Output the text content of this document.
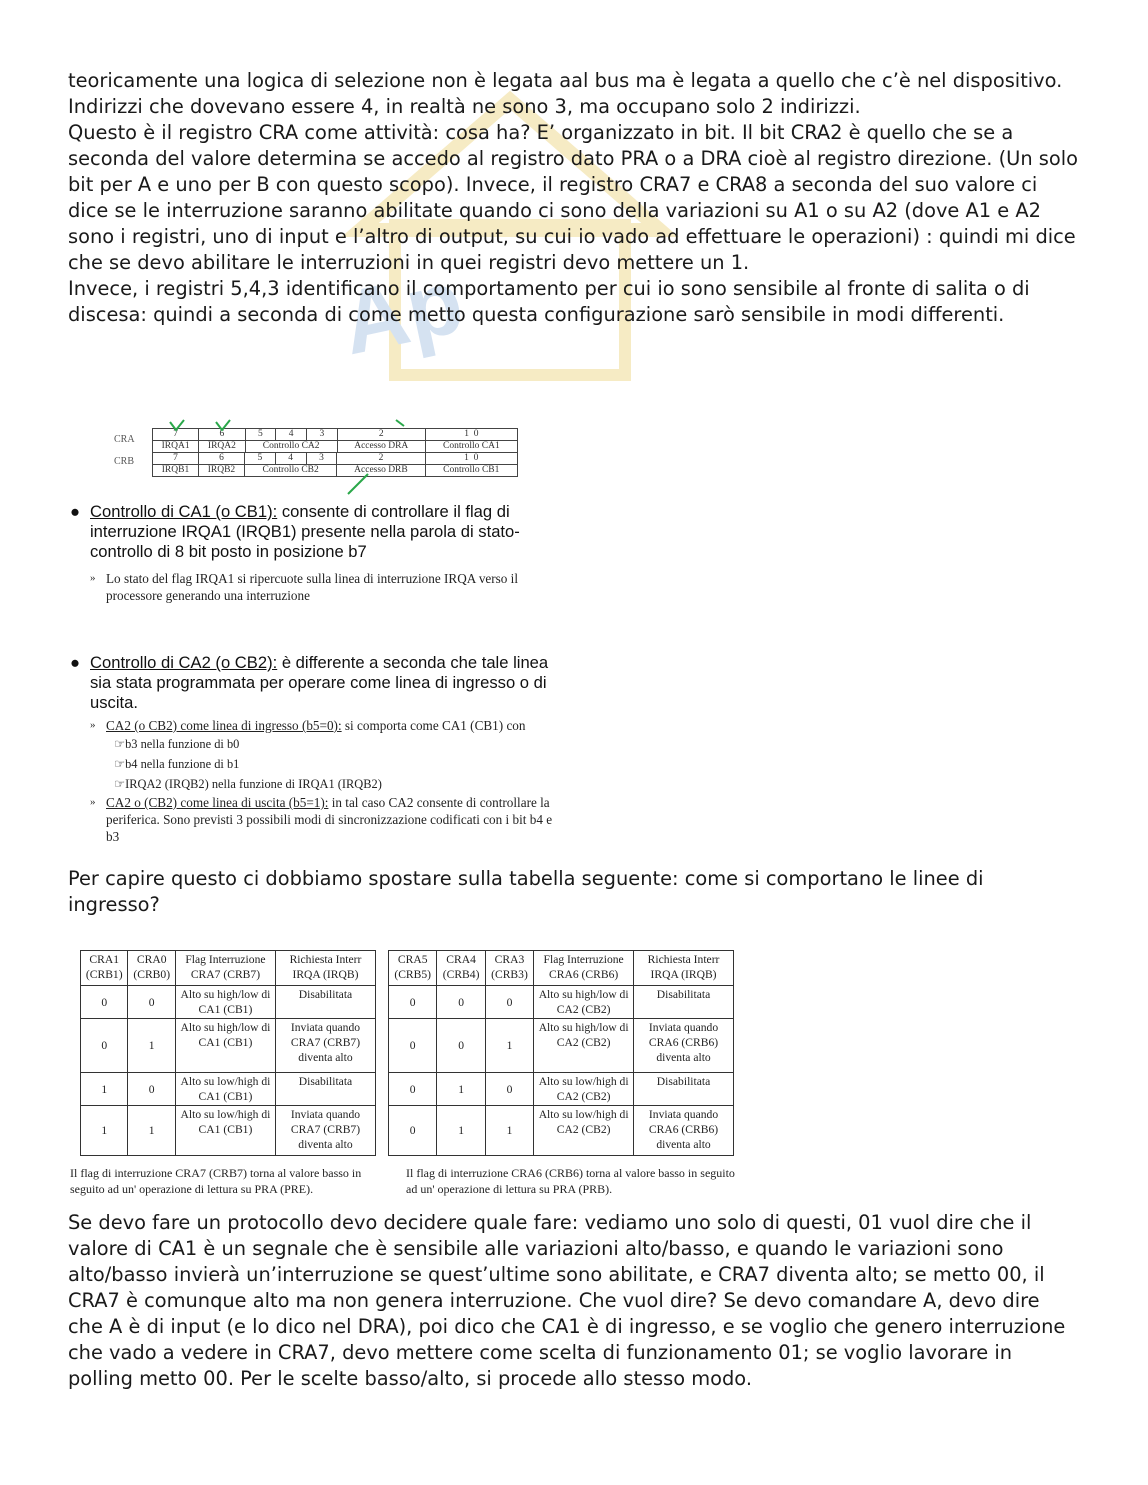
Ap

teoricamente una logica di selezione non è legata aal bus ma è legata a quello che c’è nel dispositivo.

Indirizzi che dovevano essere 4, in realtà ne sono 3, ma occupano solo 2 indirizzi.

Questo è il registro CRA come attività: cosa ha? E’ organizzato in bit. Il bit CRA2 è quello che se a seconda del valore determina se accedo al registro dato PRA o a DRA cioè al registro direzione. (Un solo bit per A e uno per B con questo scopo). Invece, il registro CRA7 e CRA8 a seconda del suo valore ci dice se le interruzione saranno abilitate quando ci sono della variazioni su A1 o su A2 (dove A1 e A2 sono i registri, uno di input e l’altro di output, su cui io vado ad effettuare le operazioni) : quindi mi dice che se devo abilitare le interruzioni in quei registri devo mettere un 1.

Invece, i registri 5,4,3 identificano il comportamento per cui io sono sensibile al fronte di salita o di discesa: quindi a seconda di come metto questa configurazione sarò sensibile in modi differenti.

CRA
CRB
7	6	5	4	3	2	1 0
IRQA1	IRQA2	Controllo CA2			Accesso DRA	Controllo CA1
7	6	5	4	3	2	1 0
IRQB1	IRQB2	Controllo CB2			Accesso DRB	Controllo CB1
● Controllo di CA1 (o CB1): consente di controllare il flag di interruzione IRQA1 (IRQB1) presente nella parola di stato-controllo di 8 bit posto in posizione b7
» Lo stato del flag IRQA1 si ripercuote sulla linea di interruzione IRQA verso il processore generando una interruzione
● Controllo di CA2 (o CB2): è differente a seconda che tale linea sia stata programmata per operare come linea di ingresso o di uscita.
» CA2 (o CB2) come linea di ingresso (b5=0): si comporta come CA1 (CB1) con
☞b3 nella funzione di b0
☞b4 nella funzione di b1
☞IRQA2 (IRQB2) nella funzione di IRQA1 (IRQB2)
» CA2 o (CB2) come linea di uscita (b5=1): in tal caso CA2 consente di controllare la periferica. Sono previsti 3 possibili modi di sincronizzazione codificati con i bit b4 e b3

Per capire questo ci dobbiamo spostare sulla tabella seguente: come si comportano le linee di ingresso?

CRA1 (CRB1)	CRA0 (CRB0)	Flag Interruzione CRA7 (CRB7)	Richiesta Interr IRQA (IRQB)
0	0	Alto su high/low di CA1 (CB1)	Disabilitata
0	1	Alto su high/low di CA1 (CB1)	Inviata quando CRA7 (CRB7) diventa alto
1	0	Alto su low/high di CA1 (CB1)	Disabilitata
1	1	Alto su low/high di CA1 (CB1)	Inviata quando CRA7 (CRB7) diventa alto
Il flag di interruzione CRA7 (CRB7) torna al valore basso in seguito ad un' operazione di lettura su PRA (PRE).
CRA5 (CRB5)	CRA4 (CRB4)	CRA3 (CRB3)	Flag Interruzione CRA6 (CRB6)	Richiesta Interr IRQA (IRQB)
0	0	0	Alto su high/low di CA2 (CB2)	Disabilitata
0	0	1	Alto su high/low di CA2 (CB2)	Inviata quando CRA6 (CRB6) diventa alto
0	1	0	Alto su low/high di CA2 (CB2)	Disabilitata
0	1	1	Alto su low/high di CA2 (CB2)	Inviata quando CRA6 (CRB6) diventa alto
Il flag di interruzione CRA6 (CRB6) torna al valore basso in seguito ad un' operazione di lettura su PRA (PRB).

Se devo fare un protocollo devo decidere quale fare: vediamo uno solo di questi, 01 vuol dire che il valore di CA1 è un segnale che è sensibile alle variazioni alto/basso, e quando le variazioni sono alto/basso invierà un’interruzione se quest’ultime sono abilitate, e CRA7 diventa alto; se metto 00, il CRA7 è comunque alto ma non genera interruzione. Che vuol dire? Se devo comandare A, devo dire che A è di input (e lo dico nel DRA), poi dico che CA1 è di ingresso, e se voglio che genero interruzione che vado a vedere in CRA7, devo mettere come scelta di funzionamento 01; se voglio lavorare in polling metto 00. Per le scelte basso/alto, si procede allo stesso modo.
